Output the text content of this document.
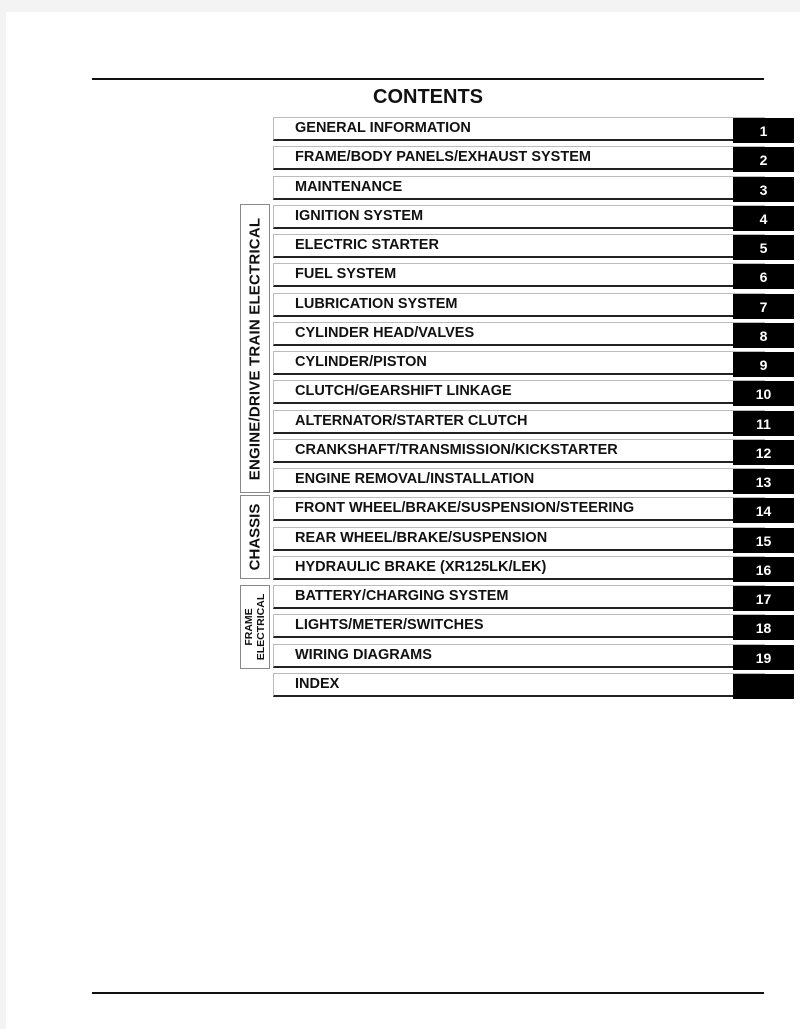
CONTENTS
ENGINE/DRIVE TRAIN ELECTRICAL
CHASSIS
FRAME ELECTRICAL
GENERAL INFORMATION	1
FRAME/BODY PANELS/EXHAUST SYSTEM	2
MAINTENANCE	3
IGNITION SYSTEM	4
ELECTRIC STARTER	5
FUEL SYSTEM	6
LUBRICATION SYSTEM	7
CYLINDER HEAD/VALVES	8
CYLINDER/PISTON	9
CLUTCH/GEARSHIFT LINKAGE	10
ALTERNATOR/STARTER CLUTCH	11
CRANKSHAFT/TRANSMISSION/KICKSTARTER	12
ENGINE REMOVAL/INSTALLATION	13
FRONT WHEEL/BRAKE/SUSPENSION/STEERING	14
REAR WHEEL/BRAKE/SUSPENSION	15
HYDRAULIC BRAKE (XR125LK/LEK)	16
BATTERY/CHARGING SYSTEM	17
LIGHTS/METER/SWITCHES	18
WIRING DIAGRAMS	19
INDEX
